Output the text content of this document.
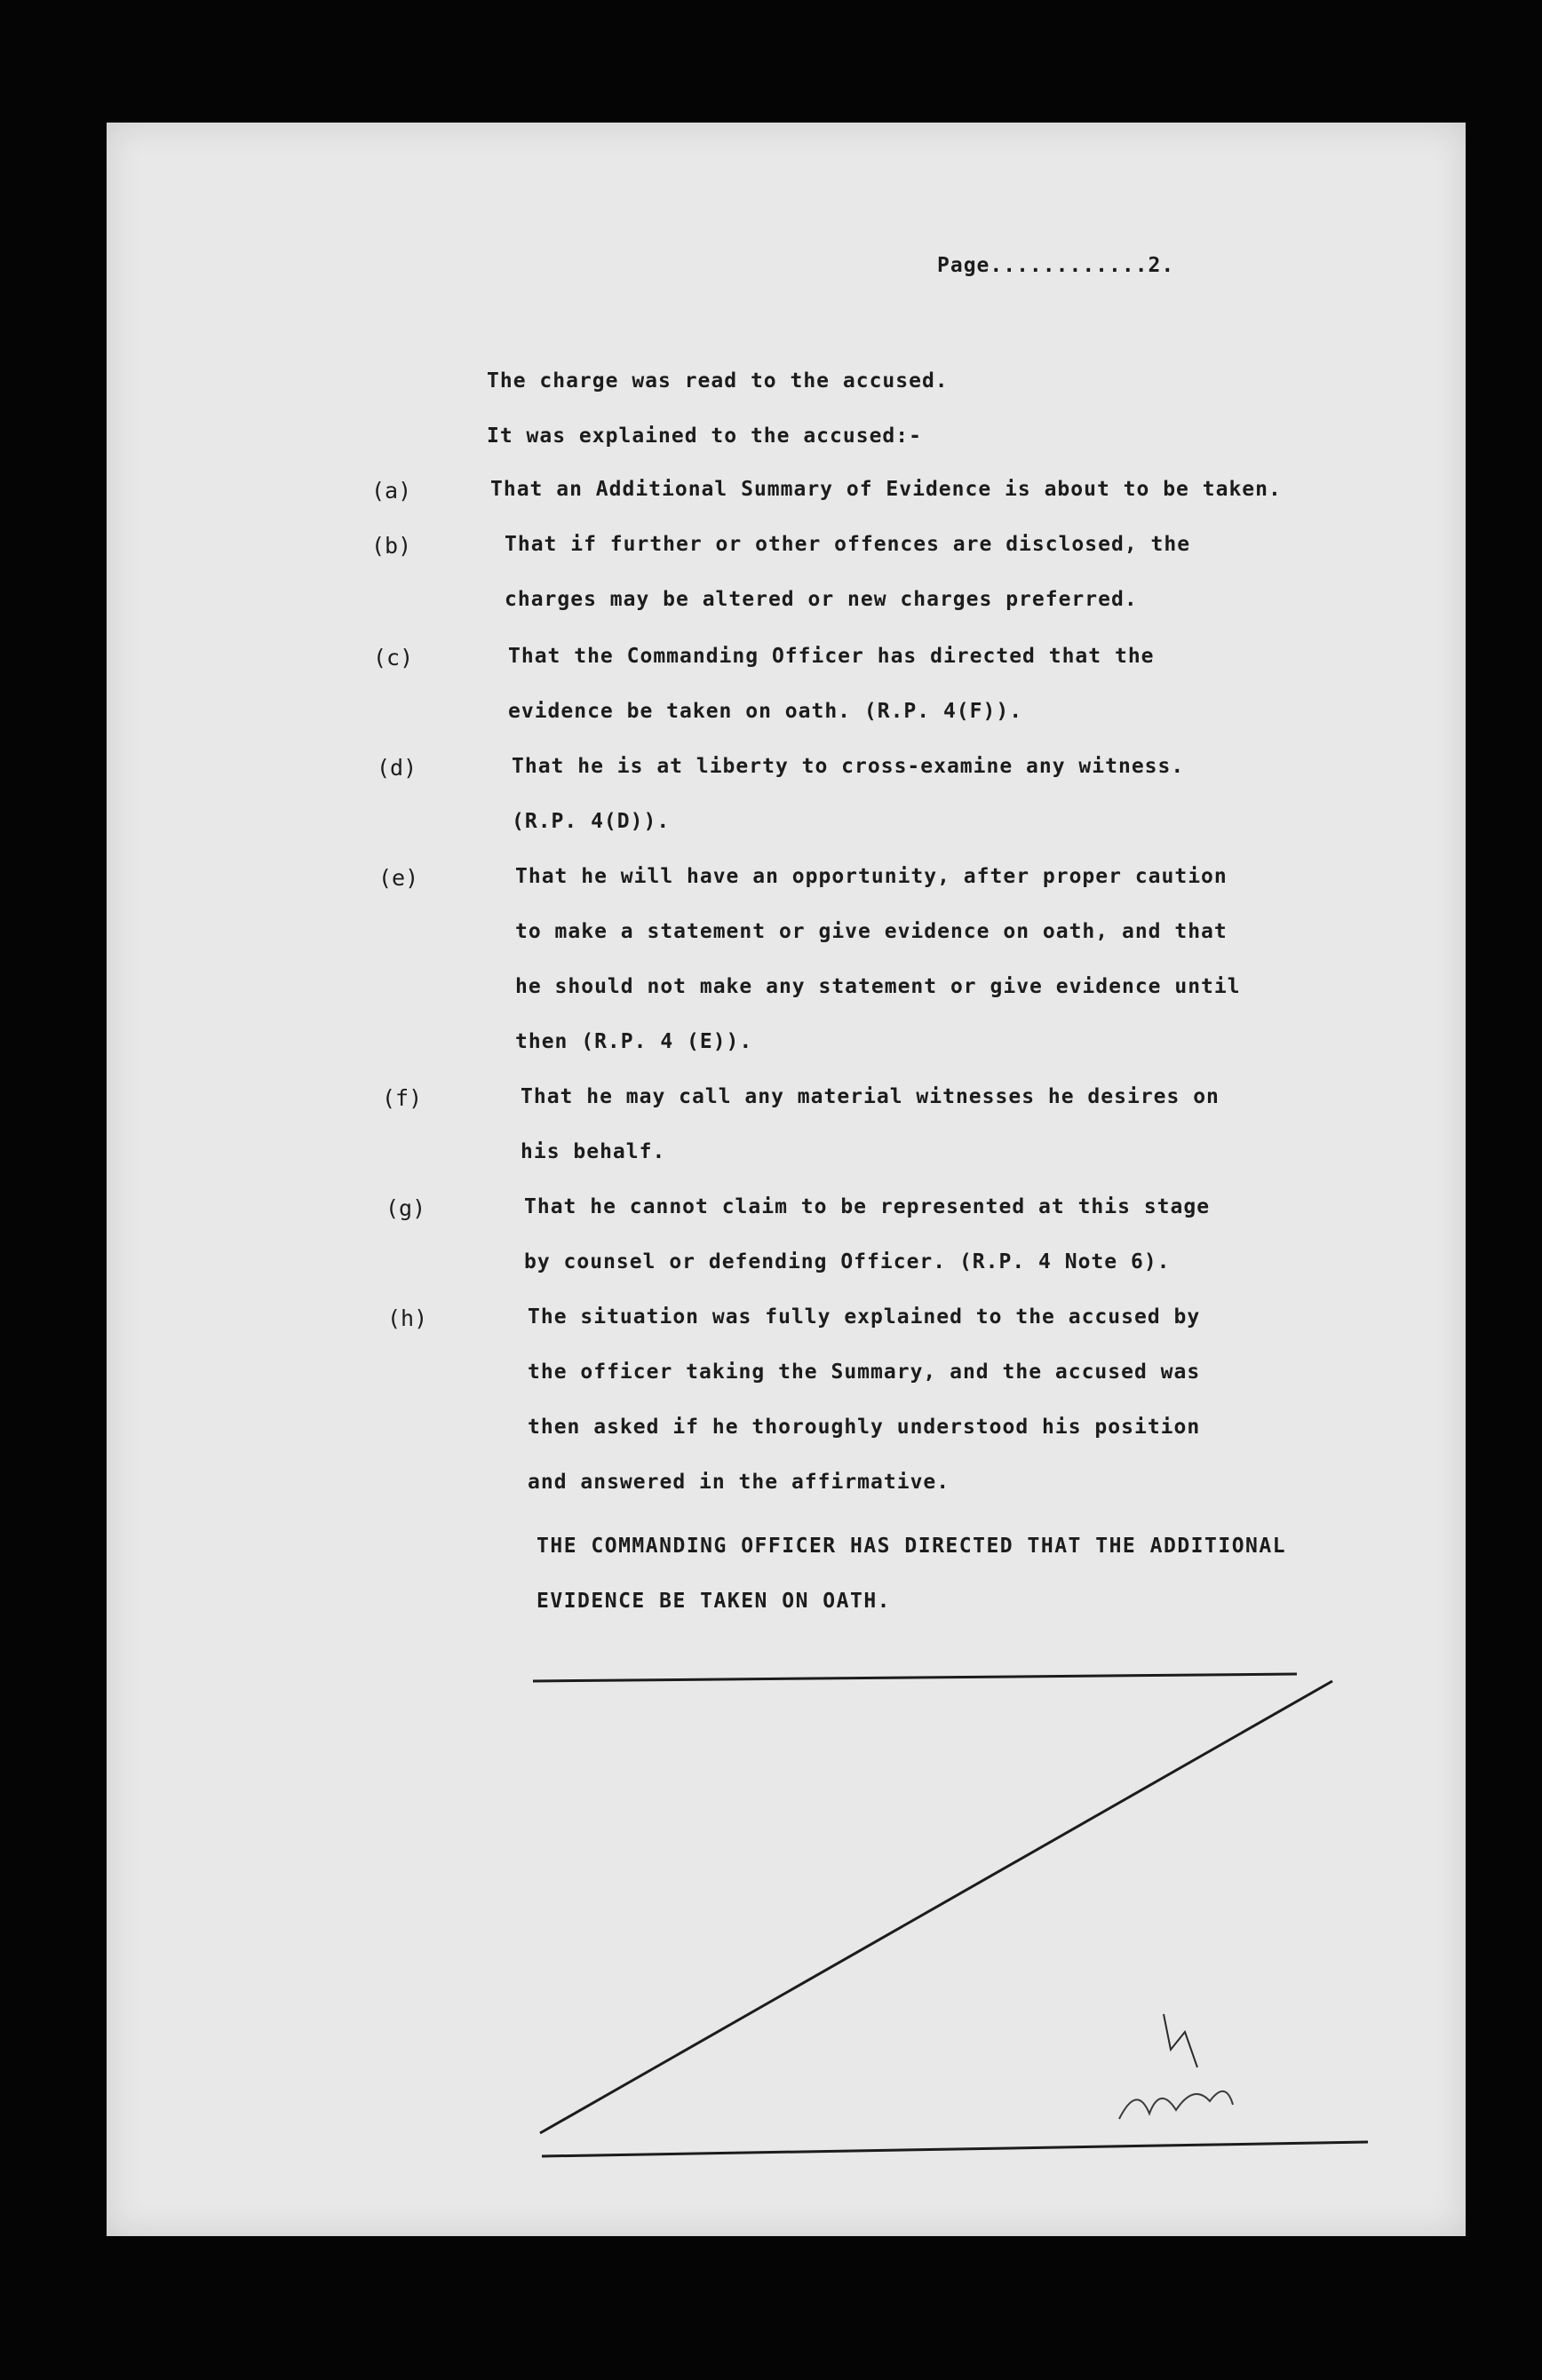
Page............2.
The charge was read to the accused.
It was explained to the accused:-
(a)	That an Additional Summary of Evidence is about to be taken.
(b)	That if further or other offences are disclosed, the
charges may be altered or new charges preferred.
(c)	That the Commanding Officer has directed that the
evidence be taken on oath. (R.P. 4(F)).
(d)	That he is at liberty to cross-examine any witness.
(R.P. 4(D)).
(e)	That he will have an opportunity, after proper caution
to make a statement or give evidence on oath, and that
he should not make any statement or give evidence until
then (R.P. 4 (E)).
(f)	That he may call any material witnesses he desires on
his behalf.
(g)	That he cannot claim to be represented at this stage
by counsel or defending Officer. (R.P. 4 Note 6).
(h)	The situation was fully explained to the accused by
the officer taking the Summary, and the accused was
then asked if he thoroughly understood his position
and answered in the affirmative.
THE COMMANDING OFFICER HAS DIRECTED THAT THE ADDITIONAL
EVIDENCE BE TAKEN ON OATH.
